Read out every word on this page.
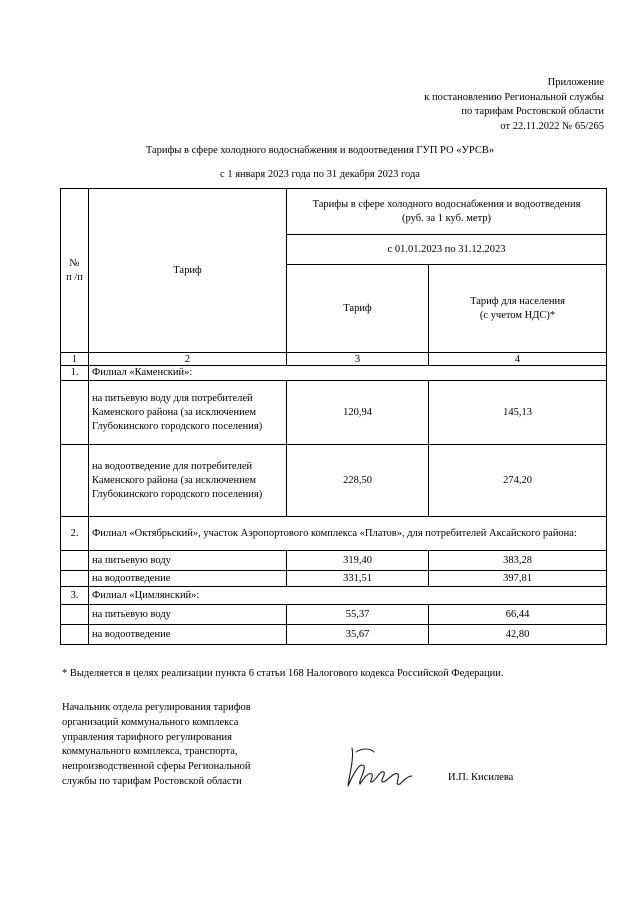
Приложение
к постановлению Региональной службы
по тарифам Ростовской области
от 22.11.2022 № 65/265
Тарифы в сфере холодного водоснабжения и водоотведения ГУП РО «УРСВ»
с 1 января 2023 года по 31 декабря 2023 года
№
п /п	Тариф	Тарифы в сфере холодного водоснабжения и водоотведения
(руб. за 1 куб. метр)	
		с 01.01.2023 по 31.12.2023	
		Тариф	Тариф для населения
(с учетом НДС)*
1	2	3	4
1.	Филиал «Каменский»:		
	на питьевую воду для потребителей Каменского района (за исключением Глубокинского городского поселения)	120,94	145,13
	на водоотведение для потребителей Каменского района (за исключением Глубокинского городского поселения)	228,50	274,20
2.	Филиал «Октябрьский», участок Аэропортового комплекса «Платов», для потребителей Аксайского района:		
	на питьевую воду	319,40	383,28
	на водоотведение	331,51	397,81
3.	Филиал «Цимлянский»:		
	на питьевую воду	55,37	66,44
	на водоотведение	35,67	42,80
* Выделяется в целях реализации пункта 6 статьи 168 Налогового кодекса Российской Федерации.
Начальник отдела регулирования тарифов
организаций коммунального комплекса
управления тарифного регулирования
коммунального комплекса, транспорта,
непроизводственной сферы Региональной
службы по тарифам Ростовской области	И.П. Кисилева
